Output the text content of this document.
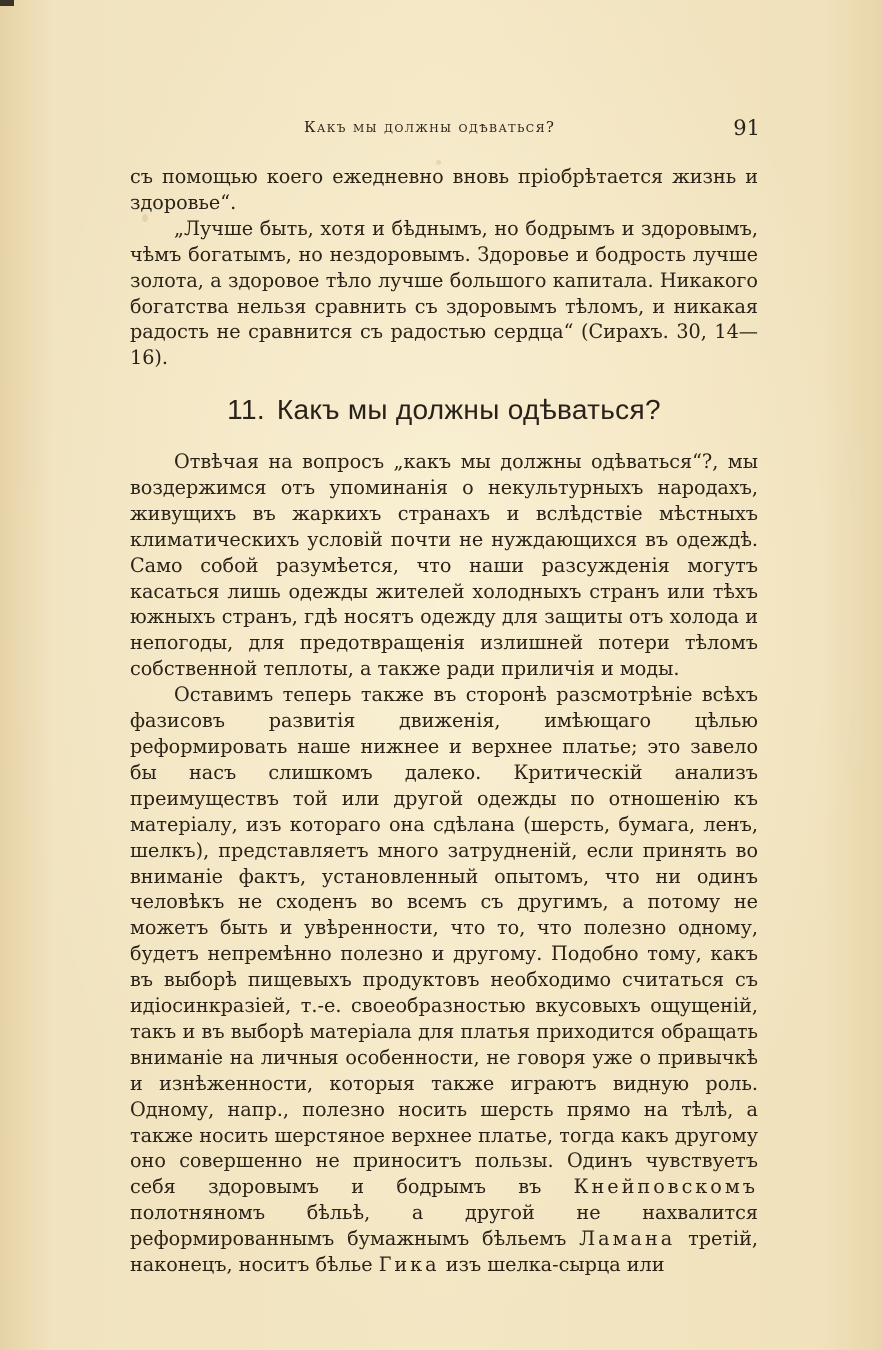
Какъ мы должны одѣваться?	91

съ помощью коего ежедневно вновь пріобрѣтается жизнь и здоровье“.

„Лучше быть, хотя и бѣднымъ, но бодрымъ и здоровымъ, чѣмъ богатымъ, но нездоровымъ. Здоровье и бодрость лучше золота, а здоровое тѣло лучше большого капитала. Никакого богатства нельзя сравнить съ здоровымъ тѣломъ, и никакая радость не сравнится съ радостью сердца“ (Сирахъ. 30, 14—16).

11. Какъ мы должны одѣваться?

Отвѣчая на вопросъ „какъ мы должны одѣваться“?, мы воздержимся отъ упоминанія о некультурныхъ народахъ, живущихъ въ жаркихъ странахъ и вслѣдствіе мѣстныхъ климатическихъ условій почти не нуждающихся въ одеждѣ. Само собой разумѣется, что наши разсужденія могутъ касаться лишь одежды жителей холодныхъ странъ или тѣхъ южныхъ странъ, гдѣ носятъ одежду для защиты отъ холода и непогоды, для предотвращенія излишней потери тѣломъ собственной теплоты, а также ради приличія и моды.

Оставимъ теперь также въ сторонѣ разсмотрѣніе всѣхъ фазисовъ развитія движенія, имѣющаго цѣлью реформировать наше нижнее и верхнее платье; это завело бы насъ слишкомъ далеко. Критическій анализъ преимуществъ той или другой одежды по отношенію къ матеріалу, изъ котораго она сдѣлана (шерсть, бумага, ленъ, шелкъ), представляетъ много затрудненій, если принять во вниманіе фактъ, установленный опытомъ, что ни одинъ человѣкъ не сходенъ во всемъ съ другимъ, а потому не можетъ быть и увѣренности, что то, что полезно одному, будетъ непремѣнно полезно и другому. Подобно тому, какъ въ выборѣ пищевыхъ продуктовъ необходимо считаться съ идіосинкразіей, т.-е. своеобразностью вкусовыхъ ощущеній, такъ и въ выборѣ матеріала для платья приходится обращать вниманіе на личныя особенности, не говоря уже о привычкѣ и изнѣженности, которыя также играютъ видную роль. Одному, напр., полезно носить шерсть прямо на тѣлѣ, а также носить шерстяное верхнее платье, тогда какъ другому оно совершенно не приноситъ пользы. Одинъ чувствуетъ себя здоровымъ и бодрымъ въ Кнейповскомъ полотняномъ бѣльѣ, а другой не нахвалится реформированнымъ бумажнымъ бѣльемъ Ламана третій, наконецъ, носитъ бѣлье Гика изъ шелка-сырца или
